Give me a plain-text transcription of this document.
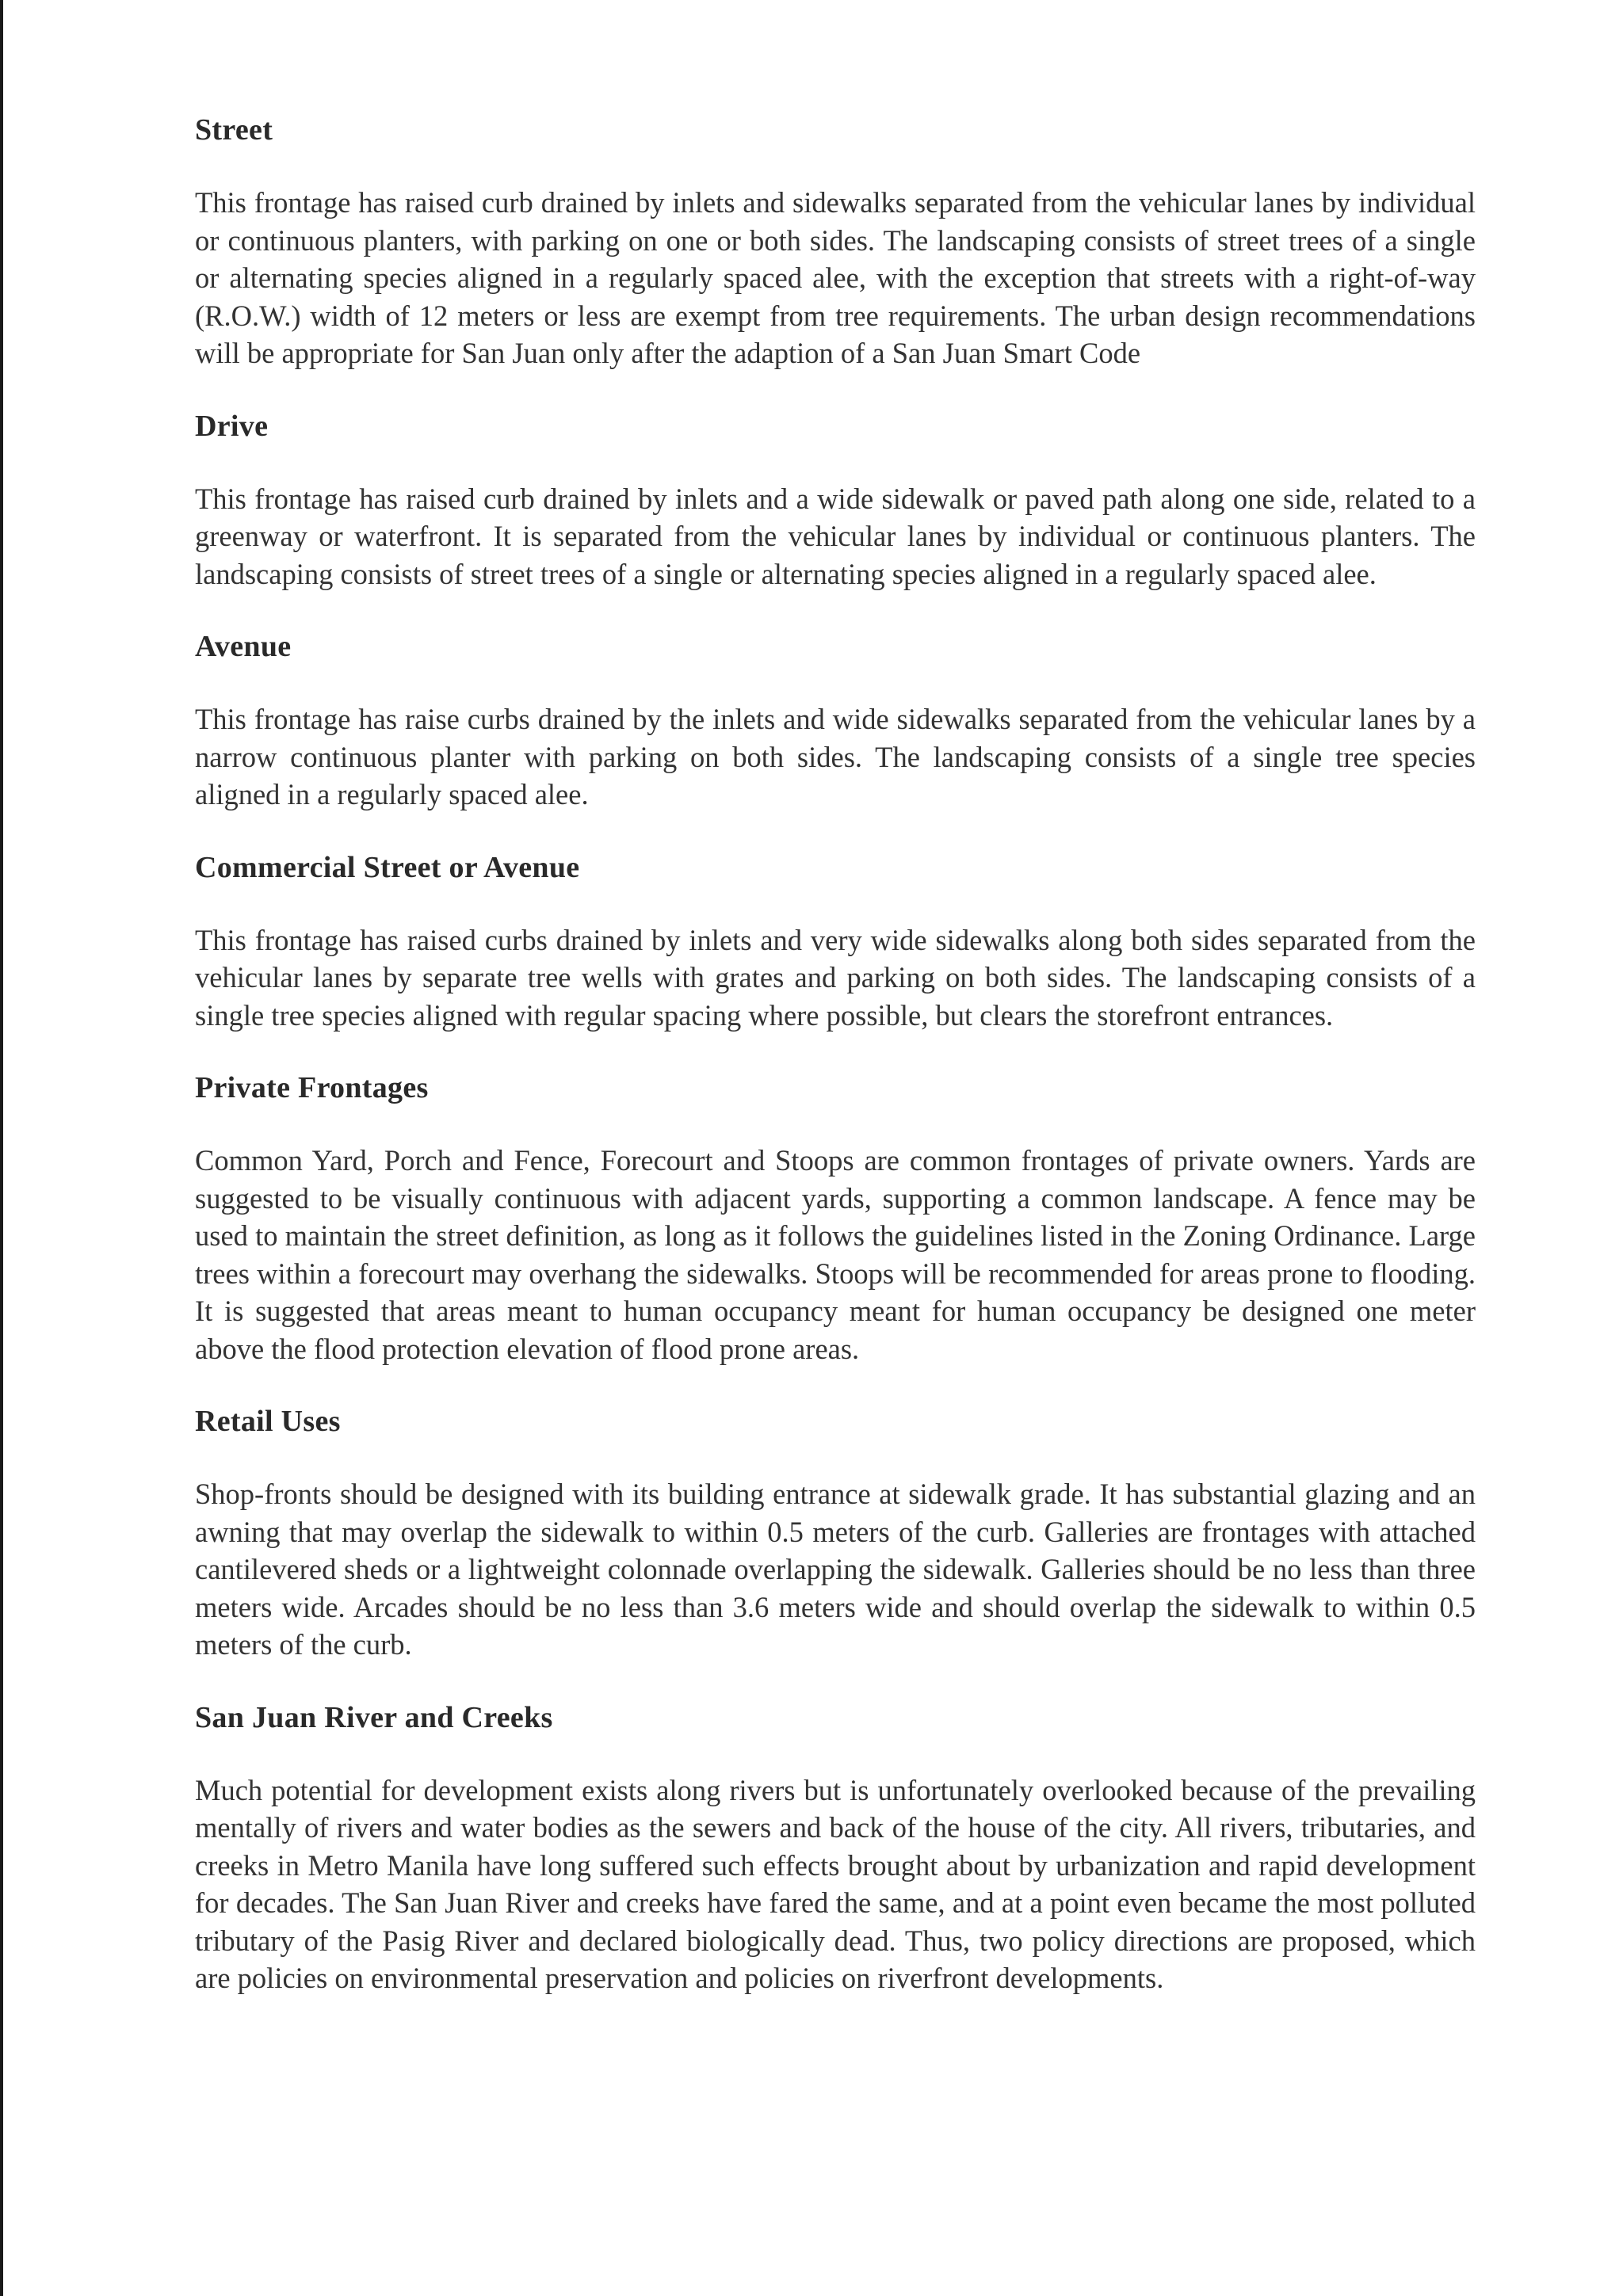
Street

This frontage has raised curb drained by inlets and sidewalks separated from the vehicular lanes by individual or continuous planters, with parking on one or both sides. The landscaping consists of street trees of a single or alternating species aligned in a regularly spaced alee, with the exception that streets with a right-of-way (R.O.W.) width of 12 meters or less are exempt from tree requirements. The urban design recommendations will be appropriate for San Juan only after the adaption of a San Juan Smart Code

Drive

This frontage has raised curb drained by inlets and a wide sidewalk or paved path along one side, related to a greenway or waterfront. It is separated from the vehicular lanes by individual or continuous planters. The landscaping consists of street trees of a single or alternating species aligned in a regularly spaced alee.

Avenue

This frontage has raise curbs drained by the inlets and wide sidewalks separated from the vehicular lanes by a narrow continuous planter with parking on both sides. The landscaping consists of a single tree species aligned in a regularly spaced alee.

Commercial Street or Avenue

This frontage has raised curbs drained by inlets and very wide sidewalks along both sides separated from the vehicular lanes by separate tree wells with grates and parking on both sides. The landscaping consists of a single tree species aligned with regular spacing where possible, but clears the storefront entrances.

Private Frontages

Common Yard, Porch and Fence, Forecourt and Stoops are common frontages of private owners. Yards are suggested to be visually continuous with adjacent yards, supporting a common landscape. A fence may be used to maintain the street definition, as long as it follows the guidelines listed in the Zoning Ordinance. Large trees within a forecourt may overhang the sidewalks. Stoops will be recommended for areas prone to flooding. It is suggested that areas meant to human occupancy meant for human occupancy be designed one meter above the flood protection elevation of flood prone areas.

Retail Uses

Shop-fronts should be designed with its building entrance at sidewalk grade. It has substantial glazing and an awning that may overlap the sidewalk to within 0.5 meters of the curb. Galleries are frontages with attached cantilevered sheds or a lightweight colonnade overlapping the sidewalk. Galleries should be no less than three meters wide. Arcades should be no less than 3.6 meters wide and should overlap the sidewalk to within 0.5 meters of the curb.

San Juan River and Creeks

Much potential for development exists along rivers but is unfortunately overlooked because of the prevailing mentally of rivers and water bodies as the sewers and back of the house of the city. All rivers, tributaries, and creeks in Metro Manila have long suffered such effects brought about by urbanization and rapid development for decades. The San Juan River and creeks have fared the same, and at a point even became the most polluted tributary of the Pasig River and declared biologically dead. Thus, two policy directions are proposed, which are policies on environmental preservation and policies on riverfront developments.
